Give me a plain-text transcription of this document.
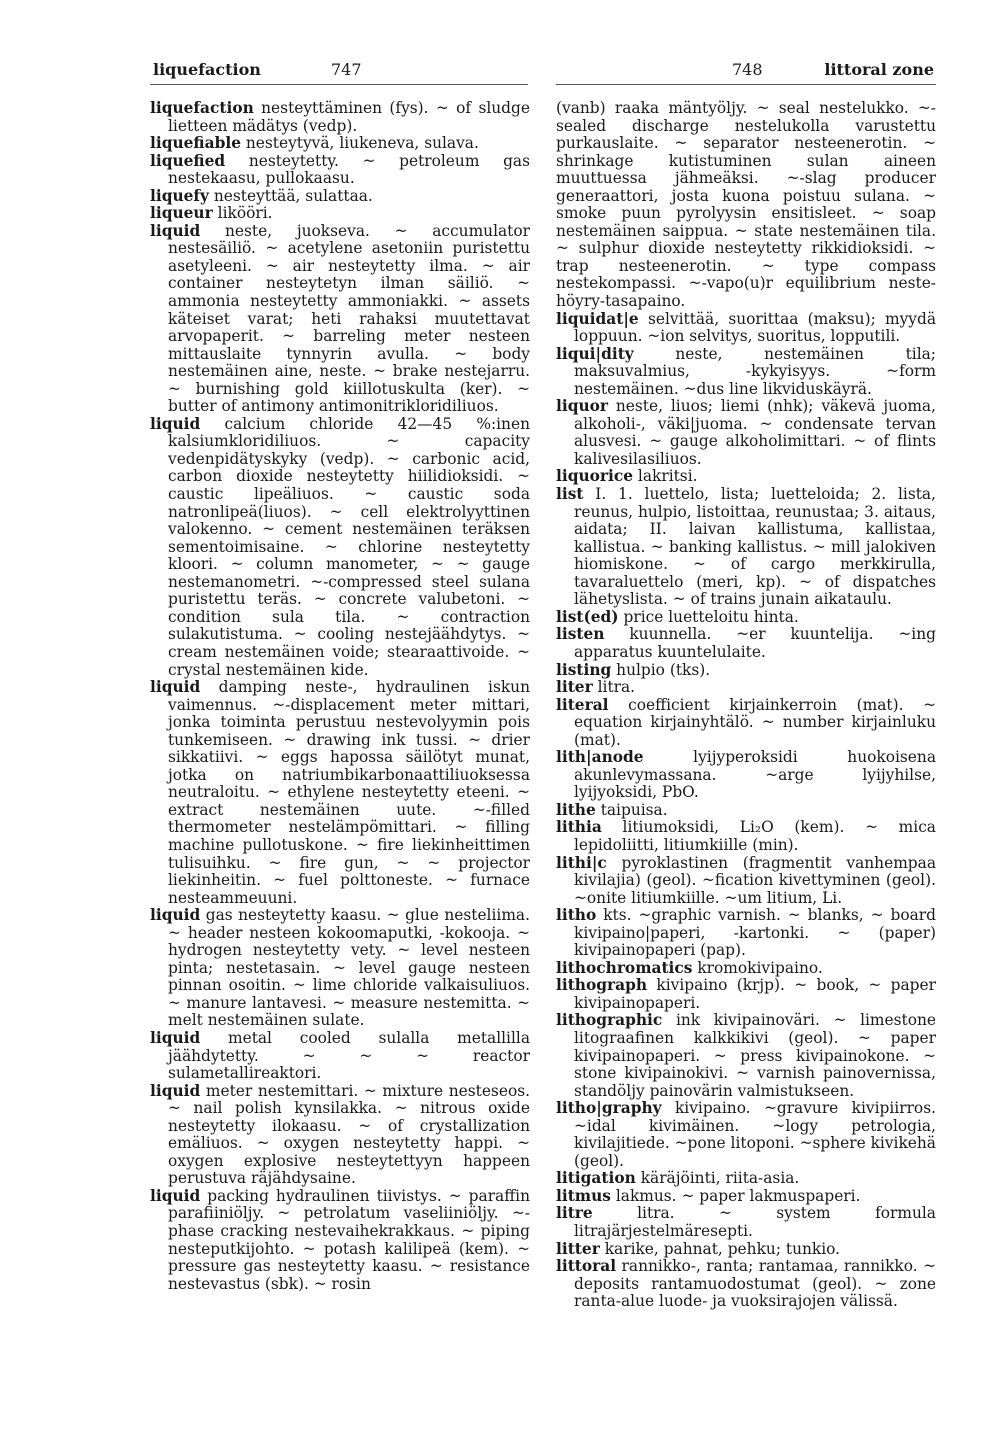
liquefaction	747	748	littoral zone

liquefaction nesteyttäminen (fys). ~ of sludge lietteen mädätys (vedp).

liquefiable nesteytyvä, liukeneva, sulava.

liquefied nesteytetty. ~ petroleum gas nestekaasu, pullokaasu.

liquefy nesteyttää, sulattaa.

liqueur likööri.

liquid neste, juokseva. ~ accumulator nestesäiliö. ~ acetylene asetoniin puristettu asetyleeni. ~ air nesteytetty ilma. ~ air container nesteytetyn ilman säiliö. ~ ammonia nesteytetty ammoniakki. ~ assets käteiset varat; heti rahaksi muutettavat arvopaperit. ~ barreling meter nesteen mittauslaite tynnyrin avulla. ~ body nestemäinen aine, neste. ~ brake nestejarru. ~ burnishing gold kiillotuskulta (ker). ~ butter of antimony antimonitrikloridiliuos.

liquid calcium chloride 42—45 %:inen kalsiumkloridiliuos. ~ capacity vedenpidätyskyky (vedp). ~ carbonic acid, carbon dioxide nesteytetty hiilidioksidi. ~ caustic lipeäliuos. ~ caustic soda natronlipeä(liuos). ~ cell elektrolyyttinen valokenno. ~ cement nestemäinen teräksen sementoimisaine. ~ chlorine nesteytetty kloori. ~ column manometer, ~ ~ gauge nestemanometri. ~-compressed steel sulana puristettu teräs. ~ concrete valubetoni. ~ condition sula tila. ~ contraction sulakutistuma. ~ cooling nestejäähdytys. ~ cream nestemäinen voide; stearaattivoide. ~ crystal nestemäinen kide.

liquid damping neste-, hydraulinen iskun vaimennus. ~-displacement meter mittari, jonka toiminta perustuu nestevolyymin pois tunkemiseen. ~ drawing ink tussi. ~ drier sikkatiivi. ~ eggs hapossa säilötyt munat, jotka on natriumbikarbonaattiliuoksessa neutraloitu. ~ ethylene nesteytetty eteeni. ~ extract nestemäinen uute. ~-filled thermometer nestelämpömittari. ~ filling machine pullotuskone. ~ fire liekinheittimen tulisuihku. ~ fire gun, ~ ~ projector liekinheitin. ~ fuel polttoneste. ~ furnace nesteammeuuni.

liquid gas nesteytetty kaasu. ~ glue nesteliima. ~ header nesteen kokoomaputki, -kokooja. ~ hydrogen nesteytetty vety. ~ level nesteen pinta; nestetasain. ~ level gauge nesteen pinnan osoitin. ~ lime chloride valkaisuliuos. ~ manure lantavesi. ~ measure nestemitta. ~ melt nestemäinen sulate.

liquid metal cooled sulalla metallilla jäähdytetty. ~ ~ ~ reactor sulametallireaktori.

liquid meter nestemittari. ~ mixture nesteseos. ~ nail polish kynsilakka. ~ nitrous oxide nesteytetty ilokaasu. ~ of crystallization emäliuos. ~ oxygen nesteytetty happi. ~ oxygen explosive nesteytettyyn happeen perustuva räjähdysaine.

liquid packing hydraulinen tiivistys. ~ paraffin parafiiniöljy. ~ petrolatum vaseliiniöljy. ~-phase cracking nestevaihekrakkaus. ~ piping nesteputkijohto. ~ potash kalilipeä (kem). ~ pressure gas nesteytetty kaasu. ~ resistance nestevastus (sbk). ~ rosin

(vanb) raaka mäntyöljy. ~ seal nestelukko. ~-sealed discharge nestelukolla varustettu purkauslaite. ~ separator nesteenerotin. ~ shrinkage kutistuminen sulan aineen muuttuessa jähmeäksi. ~-slag producer generaattori, josta kuona poistuu sulana. ~ smoke puun pyrolyysin ensitisleet. ~ soap nestemäinen saippua. ~ state nestemäinen tila. ~ sulphur dioxide nesteytetty rikkidioksidi. ~ trap nesteenerotin. ~ type compass nestekompassi. ~-vapo(u)r equilibrium neste-höyry-tasapaino.

liquidat|e selvittää, suorittaa (maksu); myydä loppuun. ~ion selvitys, suoritus, lopputili.

liqui|dity neste, nestemäinen tila; maksuvalmius, -kykyisyys. ~form nestemäinen. ~dus line likviduskäyrä.

liquor neste, liuos; liemi (nhk); väkevä juoma, alkoholi-, väki|juoma. ~ condensate tervan alusvesi. ~ gauge alkoholimittari. ~ of flints kalivesilasiliuos.

liquorice lakritsi.

list I. 1. luettelo, lista; luetteloida; 2. lista, reunus, hulpio, listoittaa, reunustaa; 3. aitaus, aidata; II. laivan kallistuma, kallistaa, kallistua. ~ banking kallistus. ~ mill jalokiven hiomiskone. ~ of cargo merkkirulla, tavaraluettelo (meri, kp). ~ of dispatches lähetyslista. ~ of trains junain aikataulu.

list(ed) price luetteloitu hinta.

listen kuunnella. ~er kuuntelija. ~ing apparatus kuuntelulaite.

listing hulpio (tks).

liter litra.

literal coefficient kirjainkerroin (mat). ~ equation kirjainyhtälö. ~ number kirjainluku (mat).

lith|anode lyijyperoksidi huokoisena akunlevymassana. ~arge lyijyhilse, lyijyoksidi, PbO.

lithe taipuisa.

lithia litiumoksidi, Li₂O (kem). ~ mica lepidoliitti, litiumkiille (min).

lithi|c pyroklastinen (fragmentit vanhempaa kivilajia) (geol). ~fication kivettyminen (geol). ~onite litiumkiille. ~um litium, Li.

litho kts. ~graphic varnish. ~ blanks, ~ board kivipaino|paperi, -kartonki. ~ (paper) kivipainopaperi (pap).

lithochromatics kromokivipaino.

lithograph kivipaino (krjp). ~ book, ~ paper kivipainopaperi.

lithographic ink kivipainoväri. ~ limestone litograafinen kalkkikivi (geol). ~ paper kivipainopaperi. ~ press kivipainokone. ~ stone kivipainokivi. ~ varnish painovernissa, standöljy painovärin valmistukseen.

litho|graphy kivipaino. ~gravure kivipiirros. ~idal kivimäinen. ~logy petrologia, kivilajitiede. ~pone litoponi. ~sphere kivikehä (geol).

litigation käräjöinti, riita-asia.

litmus lakmus. ~ paper lakmuspaperi.

litre litra. ~ system formula litrajärjestelmäresepti.

litter karike, pahnat, pehku; tunkio.

littoral rannikko-, ranta; rantamaa, rannikko. ~ deposits rantamuodostumat (geol). ~ zone ranta-alue luode- ja vuoksirajojen välissä.
